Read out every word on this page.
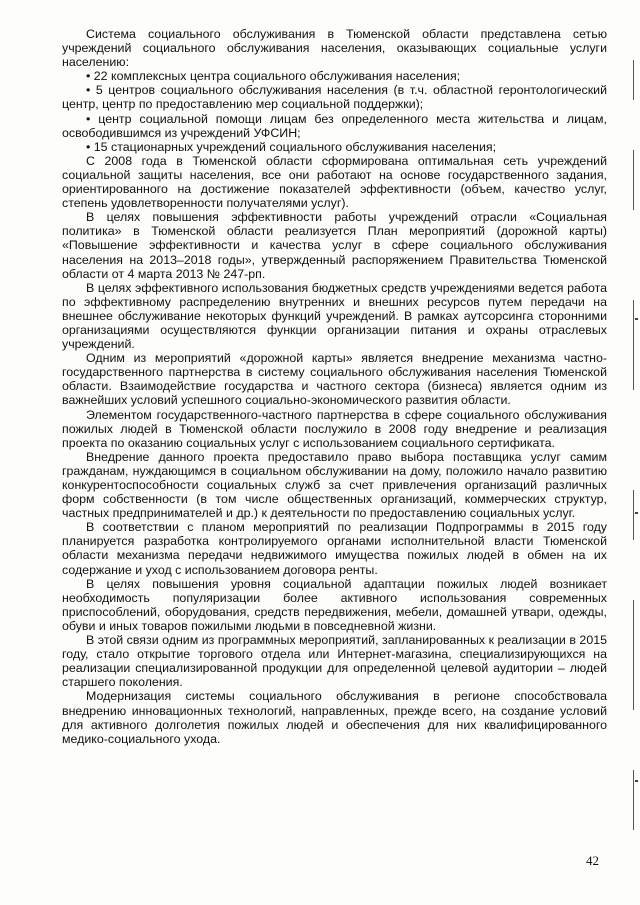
Система социального обслуживания в Тюменской области представлена сетью учреждений социального обслуживания населения, оказывающих социальные услуги населению:

• 22 комплексных центра социального обслуживания населения;

• 5 центров социального обслуживания населения (в т.ч. областной геронтологический центр, центр по предоставлению мер социальной поддержки);

• центр социальной помощи лицам без определенного места жительства и лицам, освободившимся из учреждений УФСИН;

• 15 стационарных учреждений социального обслуживания населения;

С 2008 года в Тюменской области сформирована оптимальная сеть учреждений социальной защиты населения, все они работают на основе государственного задания, ориентированного на достижение показателей эффективности (объем, качество услуг, степень удовлетворенности получателями услуг).

В целях повышения эффективности работы учреждений отрасли «Социальная политика» в Тюменской области реализуется План мероприятий (дорожной карты) «Повышение эффективности и качества услуг в сфере социального обслуживания населения на 2013–2018 годы», утвержденный распоряжением Правительства Тюменской области от 4 марта 2013 № 247-рп.

В целях эффективного использования бюджетных средств учреждениями ведется работа по эффективному распределению внутренних и внешних ресурсов путем передачи на внешнее обслуживание некоторых функций учреждений. В рамках аутсорсинга сторонними организациями осуществляются функции организации питания и охраны отраслевых учреждений.

Одним из мероприятий «дорожной карты» является внедрение механизма частно-государственного партнерства в систему социального обслуживания населения Тюменской области. Взаимодействие государства и частного сектора (бизнеса) является одним из важнейших условий успешного социально-экономического развития области.

Элементом государственного-частного партнерства в сфере социального обслуживания пожилых людей в Тюменской области послужило в 2008 году внедрение и реализация проекта по оказанию социальных услуг с использованием социального сертификата.

Внедрение данного проекта предоставило право выбора поставщика услуг самим гражданам, нуждающимся в социальном обслуживании на дому, положило начало развитию конкурентоспособности социальных служб за счет привлечения организаций различных форм собственности (в том числе общественных организаций, коммерческих структур, частных предпринимателей и др.) к деятельности по предоставлению социальных услуг.

В соответствии с планом мероприятий по реализации Подпрограммы в 2015 году планируется разработка контролируемого органами исполнительной власти Тюменской области механизма передачи недвижимого имущества пожилых людей в обмен на их содержание и уход с использованием договора ренты.

В целях повышения уровня социальной адаптации пожилых людей возникает необходимость популяризации более активного использования современных приспособлений, оборудования, средств передвижения, мебели, домашней утвари, одежды, обуви и иных товаров пожилыми людьми в повседневной жизни.

В этой связи одним из программных мероприятий, запланированных к реализации в 2015 году, стало открытие торгового отдела или Интернет-магазина, специализирующихся на реализации специализированной продукции для определенной целевой аудитории – людей старшего поколения.

Модернизация системы социального обслуживания в регионе способствовала внедрению инновационных технологий, направленных, прежде всего, на создание условий для активного долголетия пожилых людей и обеспечения для них квалифицированного медико-социального ухода.

42
